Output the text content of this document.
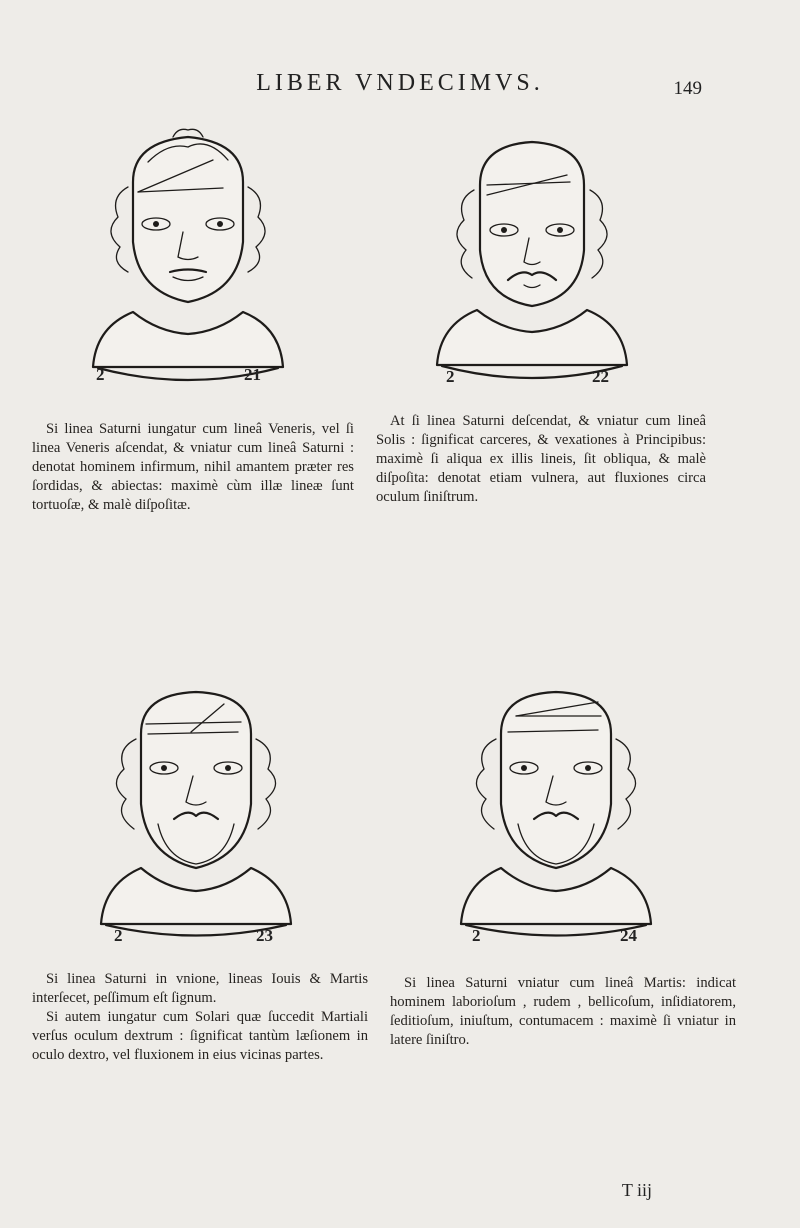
LIBER VNDECIMVS.	149
2	21	2	22

Si linea Saturni iungatur cum lineâ Veneris, vel ſi linea Veneris aſcendat, & vniatur cum lineâ Saturni : denotat hominem infirmum, nihil amantem præter res ſordidas, & abiectas: maximè cùm illæ lineæ ſunt tortuoſæ, & malè diſpoſitæ.

At ſi linea Saturni deſcendat, & vniatur cum lineâ Solis : ſignificat carceres, & vexationes à Principibus: maximè ſi aliqua ex illis lineis, ſit obliqua, & malè diſpoſita: denotat etiam vulnera, aut fluxiones circa oculum ſiniſtrum.

2	23	2	24

Si linea Saturni in vnione, lineas Iouis & Martis interſecet, peſſimum eſt ſignum.

Si autem iungatur cum Solari quæ ſuccedit Martiali verſus oculum dextrum : ſignificat tantùm læſionem in oculo dextro, vel fluxionem in eius vicinas partes.

Si linea Saturni vniatur cum lineâ Martis: indicat hominem laborioſum , rudem , bellicoſum, inſidiatorem, ſeditioſum, iniuſtum, contumacem : maximè ſi vniatur in latere ſiniſtro.

T iij
